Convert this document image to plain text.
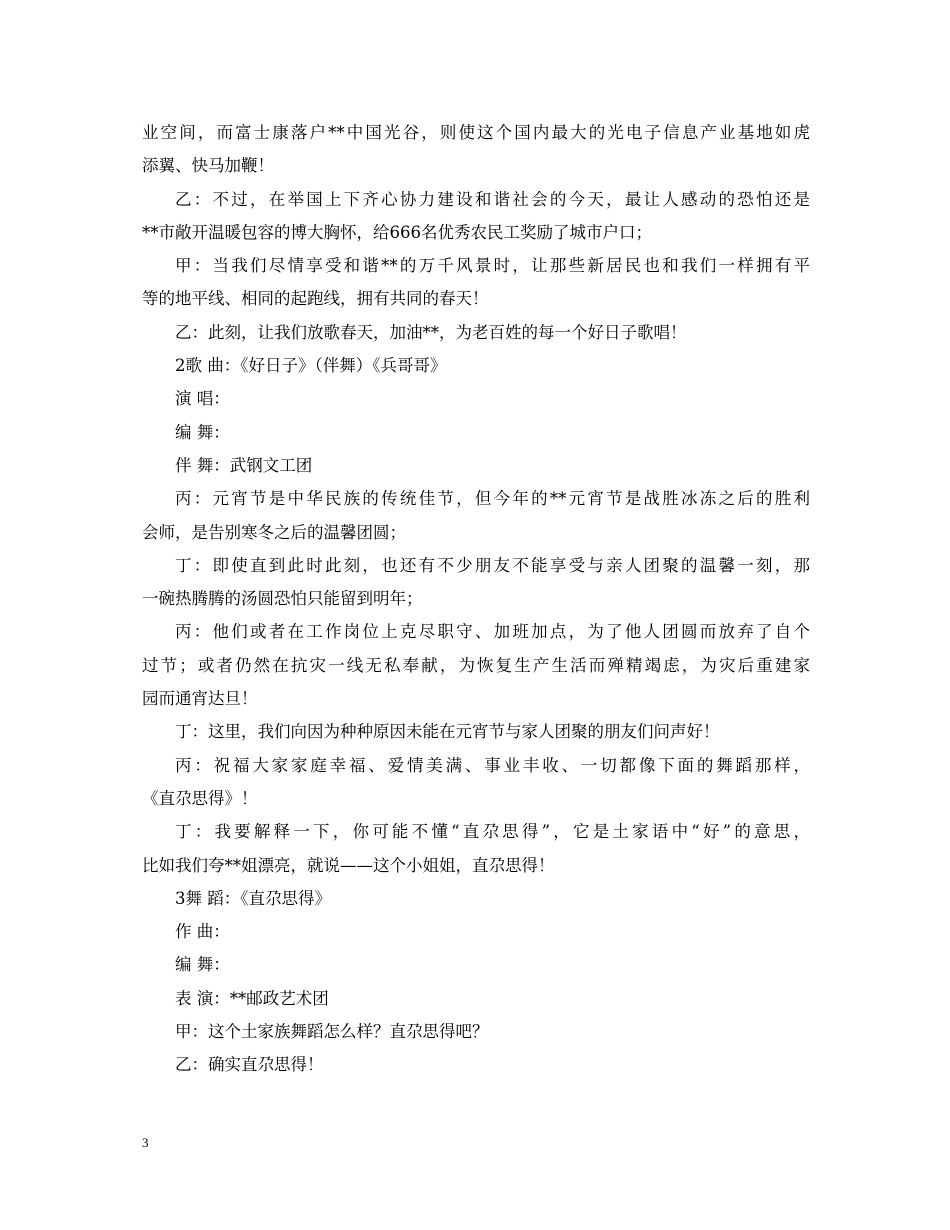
业空间，而富士康落户**中国光谷，则使这个国内最大的光电子信息产业基地如虎
添翼、快马加鞭！
乙：不过，在举国上下齐心协力建设和谐社会的今天，最让人感动的恐怕还是
**市敞开温暖包容的博大胸怀，给666名优秀农民工奖励了城市户口；
甲：当我们尽情享受和谐**的万千风景时，让那些新居民也和我们一样拥有平
等的地平线、相同的起跑线，拥有共同的春天！
乙：此刻，让我们放歌春天，加油**，为老百姓的每一个好日子歌唱！
2歌 曲：《好日子》（伴舞）《兵哥哥》
演 唱：
编 舞：
伴 舞：武钢文工团
丙：元宵节是中华民族的传统佳节，但今年的**元宵节是战胜冰冻之后的胜利
会师，是告别寒冬之后的温馨团圆；
丁：即使直到此时此刻，也还有不少朋友不能享受与亲人团聚的温馨一刻，那
一碗热腾腾的汤圆恐怕只能留到明年；
丙：他们或者在工作岗位上克尽职守、加班加点，为了他人团圆而放弃了自个
过节；或者仍然在抗灾一线无私奉献，为恢复生产生活而殚精竭虑，为灾后重建家
园而通宵达旦！
丁：这里，我们向因为种种原因未能在元宵节与家人团聚的朋友们问声好！
丙：祝福大家家庭幸福、爱情美满、事业丰收、一切都像下面的舞蹈那样，
《直尕思得》！
丁：我要解释一下，你可能不懂“直尕思得”，它是土家语中“好”的意思，
比如我们夸**姐漂亮，就说——这个小姐姐，直尕思得！
3舞 蹈：《直尕思得》
作 曲：
编 舞：
表 演：**邮政艺术团
甲：这个土家族舞蹈怎么样？直尕思得吧？
乙：确实直尕思得！
3
